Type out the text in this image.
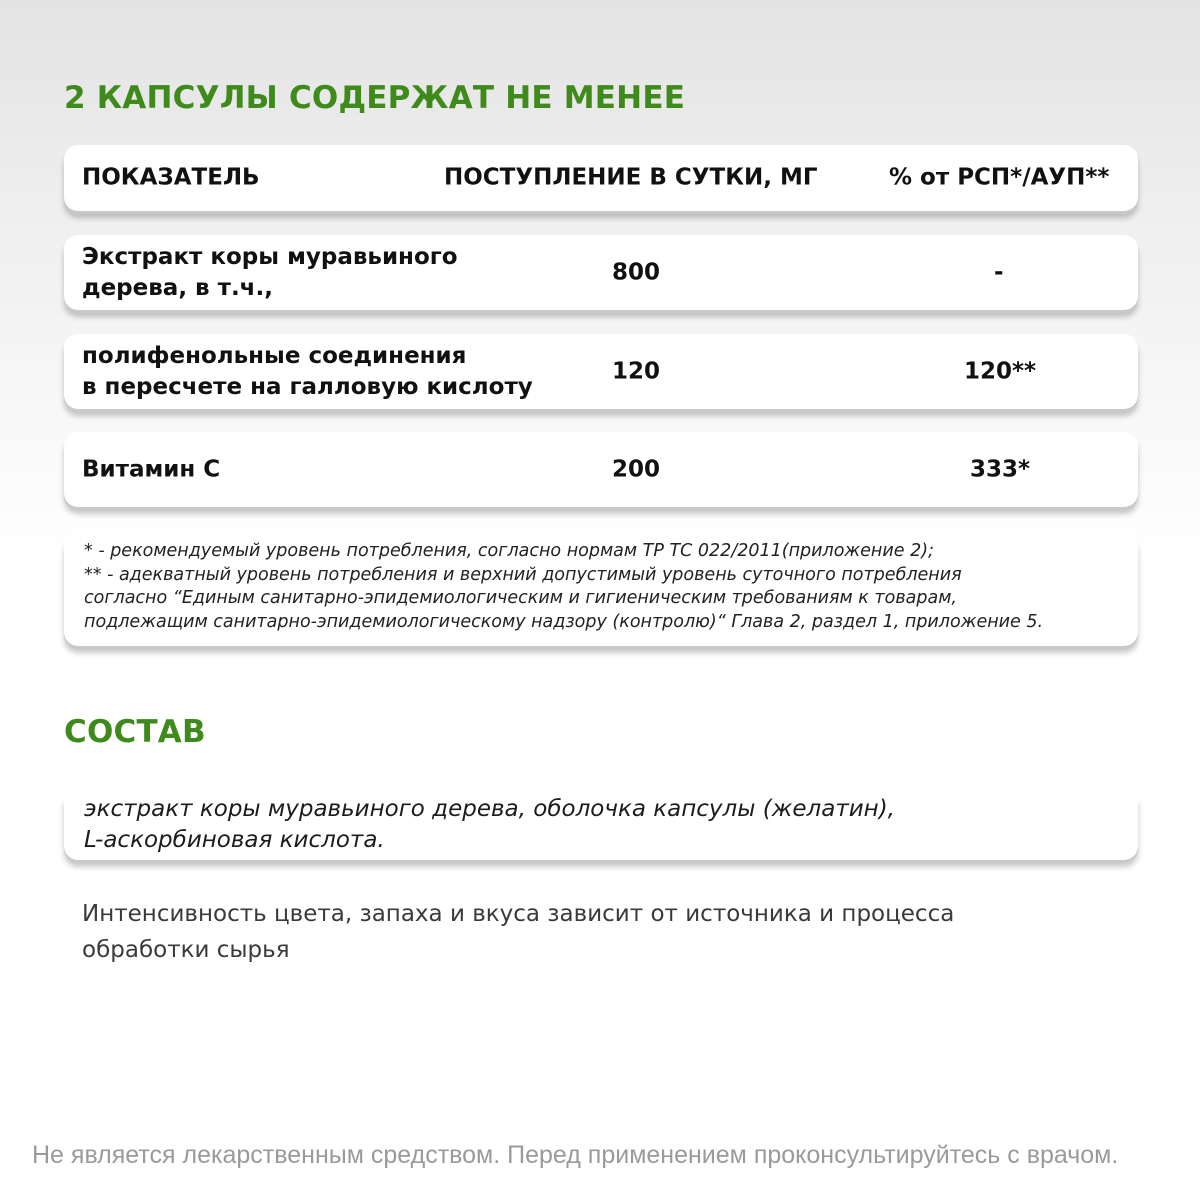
2 КАПСУЛЫ СОДЕРЖАТ НЕ МЕНЕЕ
ПОКАЗАТЕЛЬ	ПОСТУПЛЕНИЕ В СУТКИ, МГ	% от РСП*/АУП**
Экстракт коры муравьиного
дерева, в т.ч.,
800	-
полифенольные соединения
в пересчете на галловую кислоту
120	120**
Витамин С	200	333*
* - рекомендуемый уровень потребления, согласно нормам ТР ТС 022/2011(приложение 2);
** - адекватный уровень потребления и верхний допустимый уровень суточного потребления
согласно “Единым санитарно-эпидемиологическим и гигиеническим требованиям к товарам,
подлежащим санитарно-эпидемиологическому надзору (контролю)“ Глава 2, раздел 1, приложение 5.
СОСТАВ
экстракт коры муравьиного дерева, оболочка капсулы (желатин),
L-аскорбиновая кислота.
Интенсивность цвета, запаха и вкуса зависит от источника и процесса
обработки сырья
Не является лекарственным средством. Перед применением проконсультируйтесь с врачом.
